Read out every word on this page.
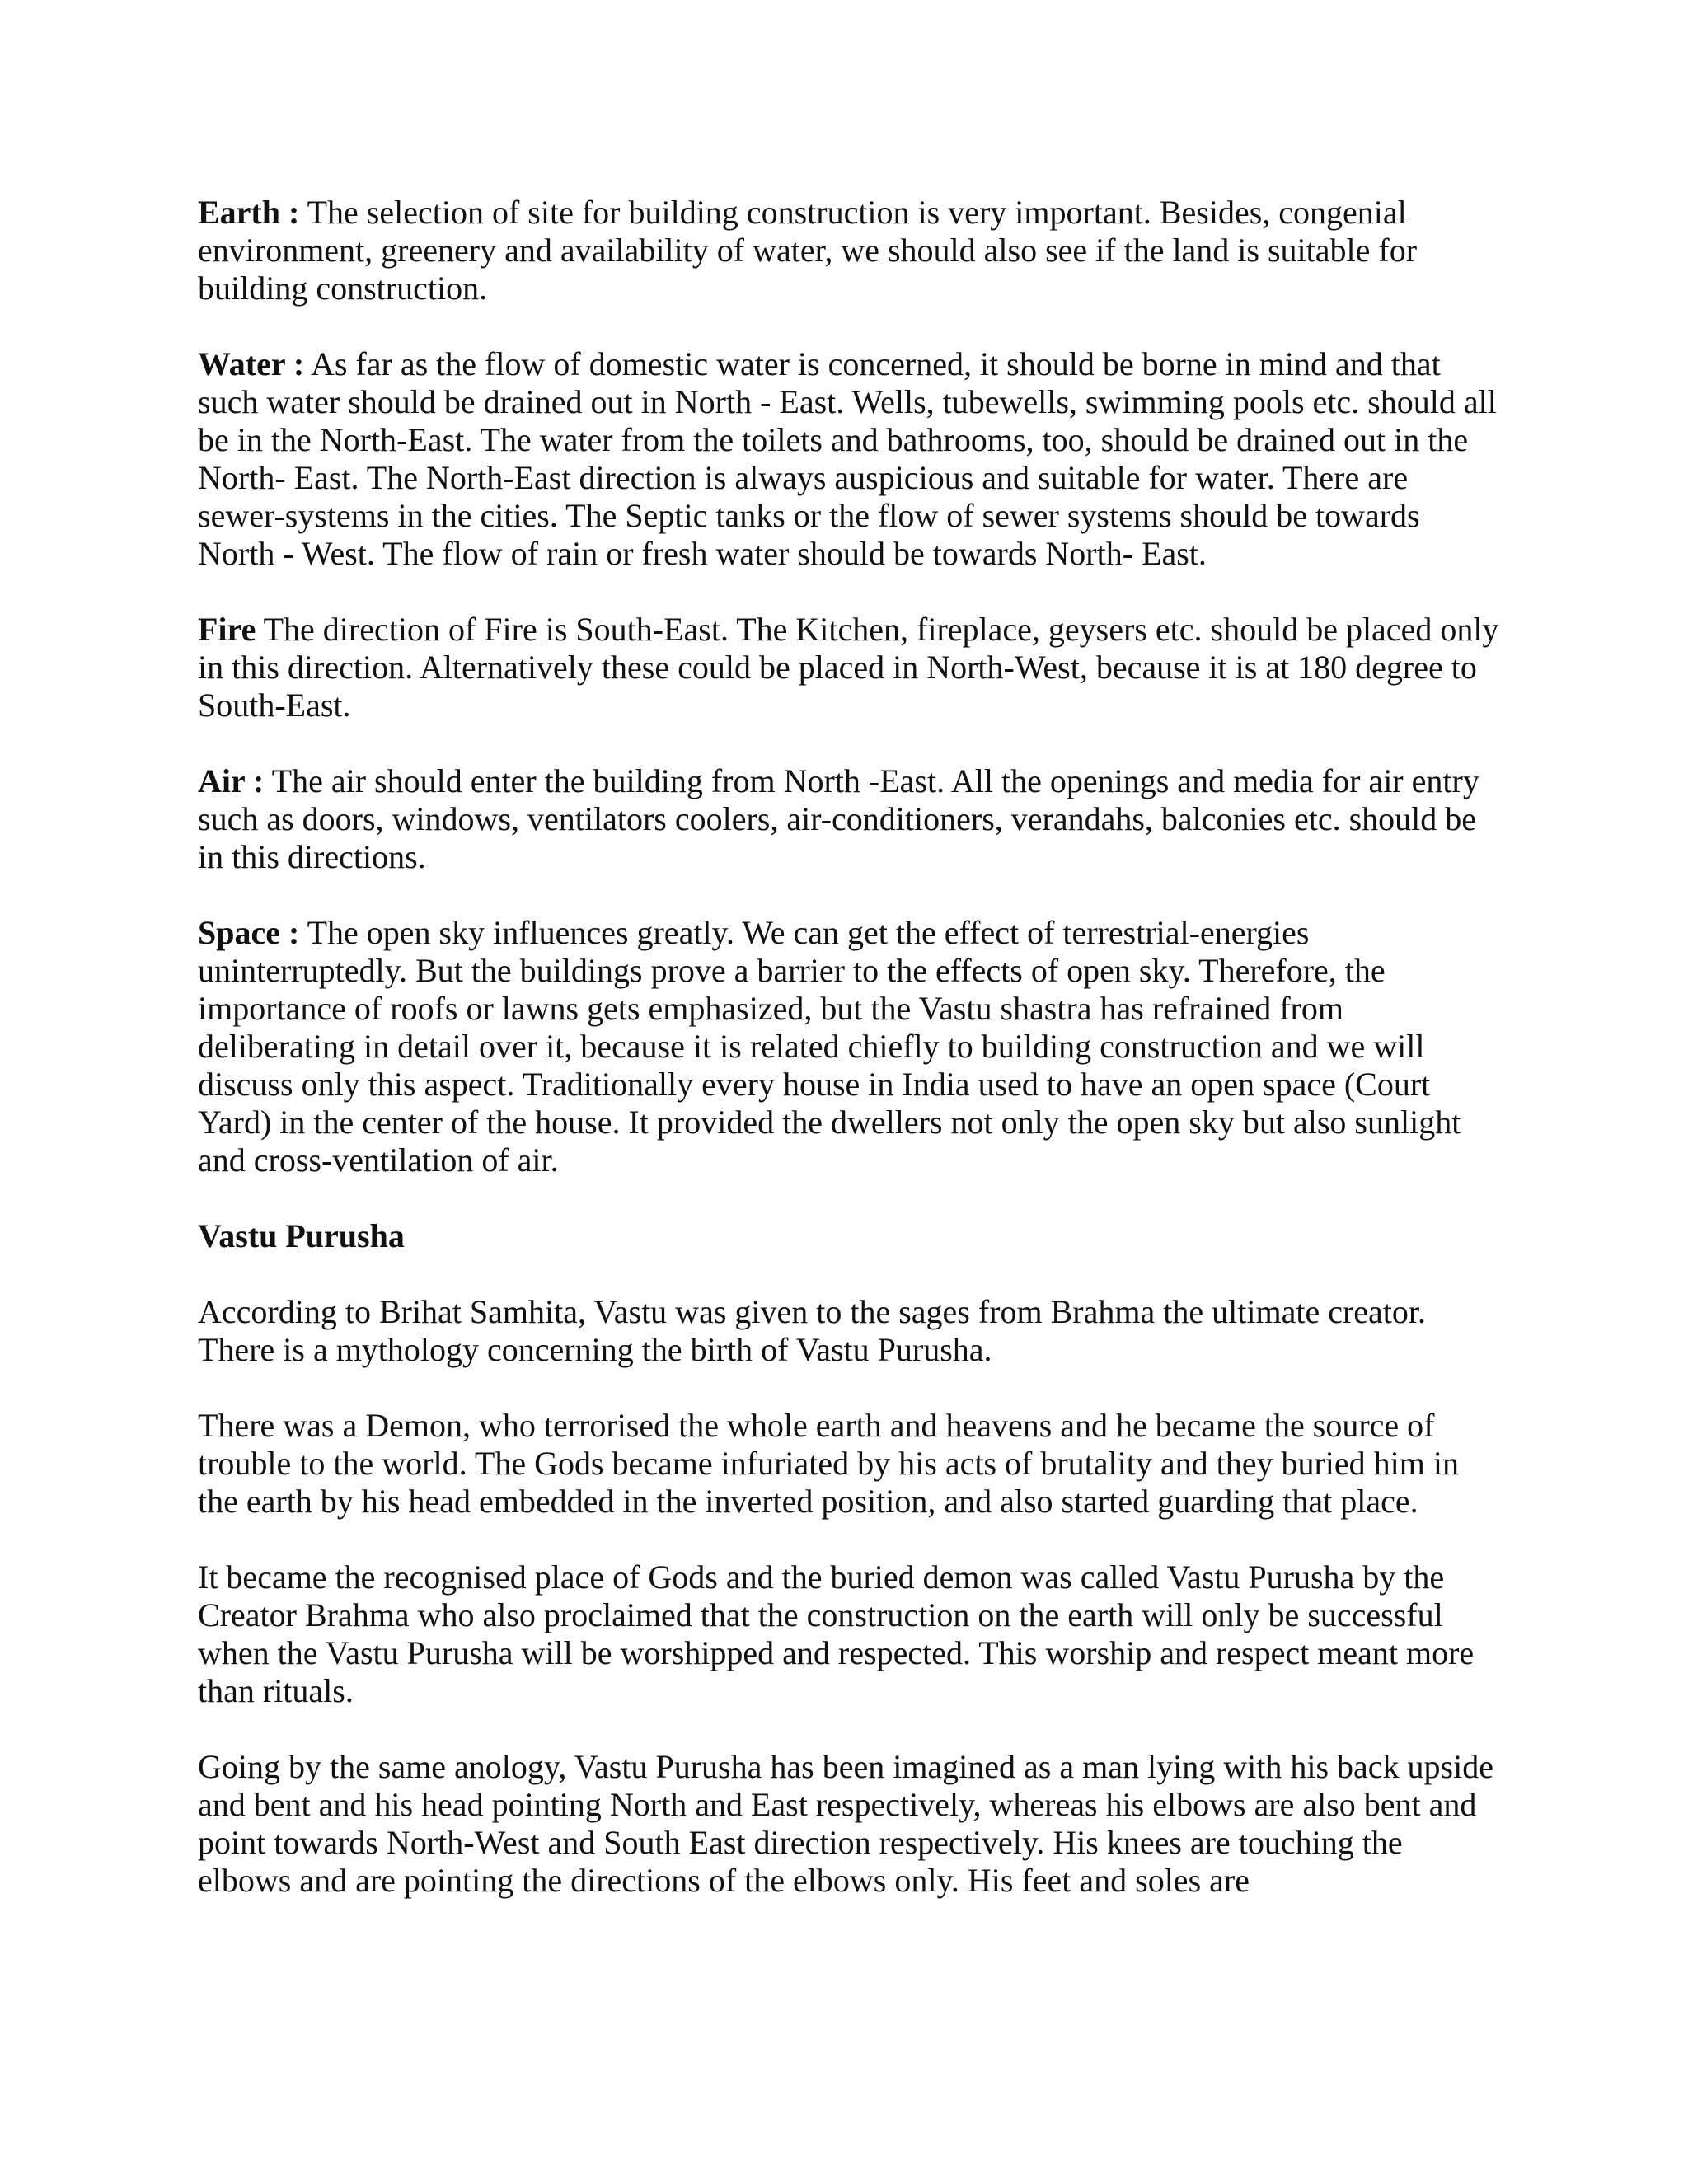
Earth : The selection of site for building construction is very important. Besides, congenial environment, greenery and availability of water, we should also see if the land is suitable for building construction.

Water : As far as the flow of domestic water is concerned, it should be borne in mind and that such water should be drained out in North - East. Wells, tubewells, swimming pools etc. should all be in the North-East. The water from the toilets and bathrooms, too, should be drained out in the North- East. The North-East direction is always auspicious and suitable for water. There are sewer-systems in the cities. The Septic tanks or the flow of sewer systems should be towards North - West. The flow of rain or fresh water should be towards North- East.

Fire The direction of Fire is South-East. The Kitchen, fireplace, geysers etc. should be placed only in this direction. Alternatively these could be placed in North-West, because it is at 180 degree to South-East.

Air : The air should enter the building from North -East. All the openings and media for air entry such as doors, windows, ventilators coolers, air-conditioners, verandahs, balconies etc. should be in this directions.

Space : The open sky influences greatly. We can get the effect of terrestrial-energies uninterruptedly. But the buildings prove a barrier to the effects of open sky. Therefore, the importance of roofs or lawns gets emphasized, but the Vastu shastra has refrained from deliberating in detail over it, because it is related chiefly to building construction and we will discuss only this aspect. Traditionally every house in India used to have an open space (Court Yard) in the center of the house. It provided the dwellers not only the open sky but also sunlight and cross-ventilation of air.

Vastu Purusha

According to Brihat Samhita, Vastu was given to the sages from Brahma the ultimate creator. There is a mythology concerning the birth of Vastu Purusha.

There was a Demon, who terrorised the whole earth and heavens and he became the source of trouble to the world. The Gods became infuriated by his acts of brutality and they buried him in the earth by his head embedded in the inverted position, and also started guarding that place.

It became the recognised place of Gods and the buried demon was called Vastu Purusha by the Creator Brahma who also proclaimed that the construction on the earth will only be successful when the Vastu Purusha will be worshipped and respected. This worship and respect meant more than rituals.

Going by the same anology, Vastu Purusha has been imagined as a man lying with his back upside and bent and his head pointing North and East respectively, whereas his elbows are also bent and point towards North-West and South East direction respectively. His knees are touching the elbows and are pointing the directions of the elbows only. His feet and soles are
